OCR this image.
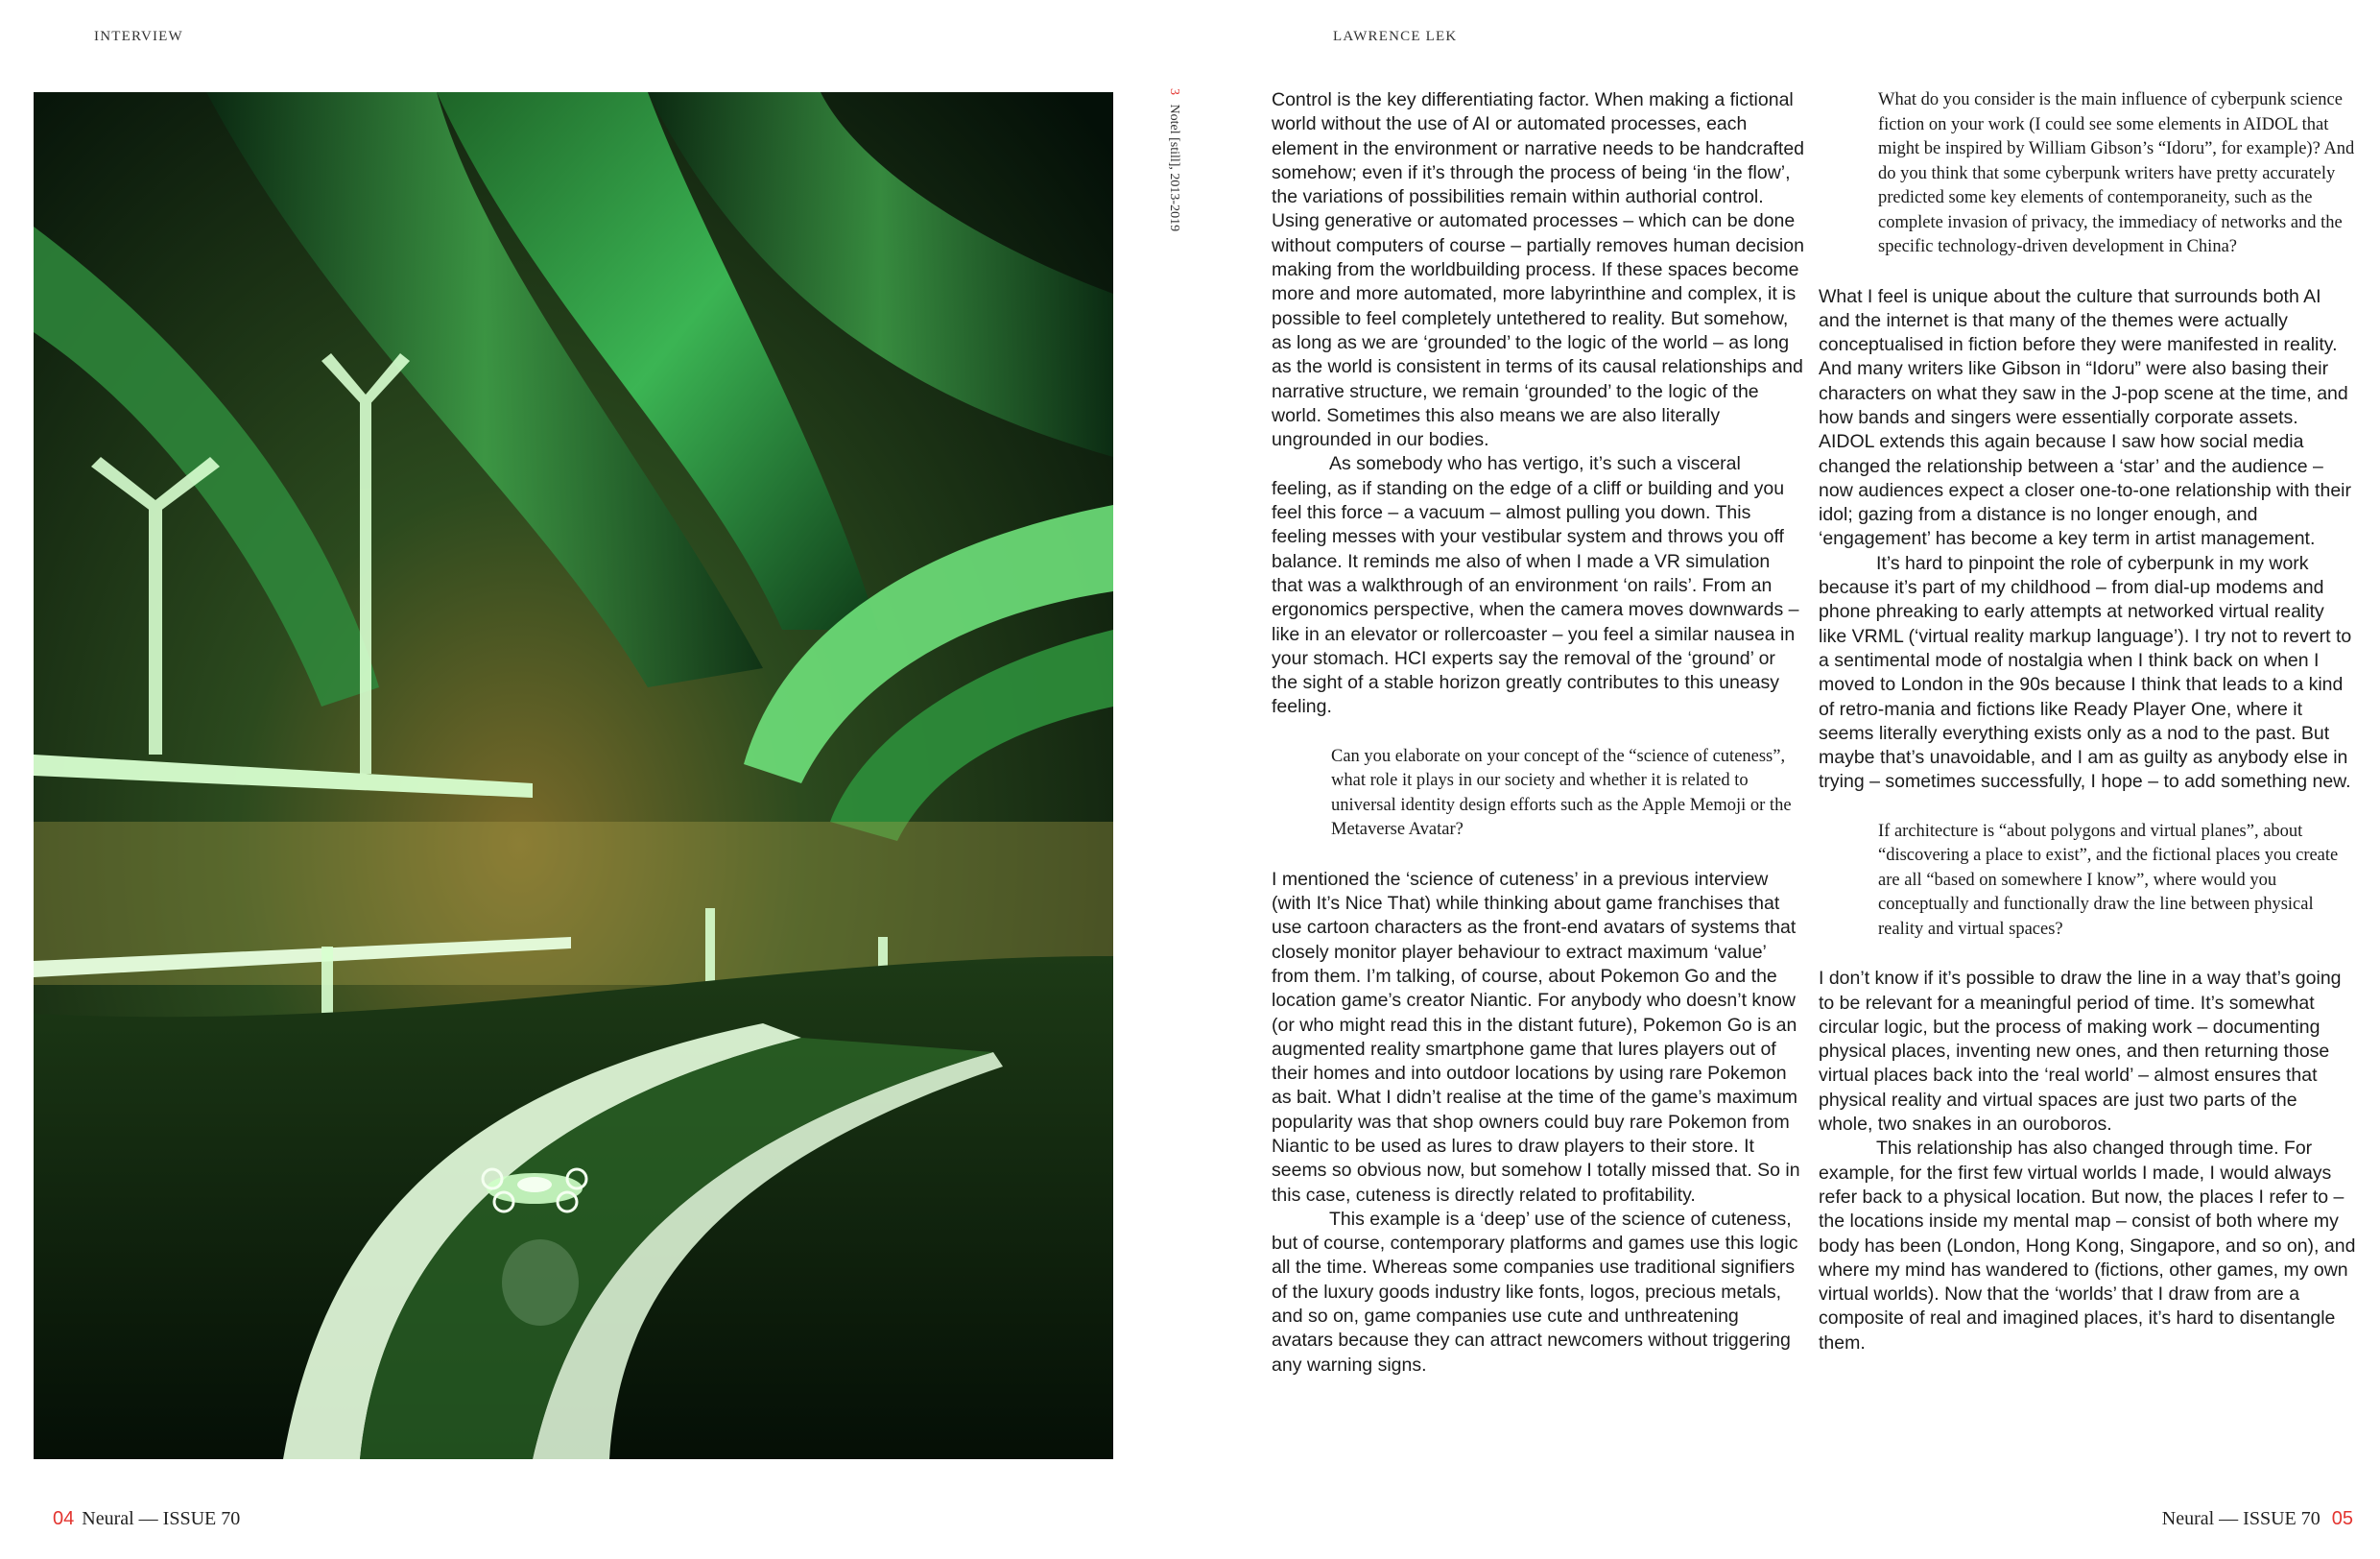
INTERVIEW	LAWRENCE LEK
3 Notel [still], 2013-2019

Control is the key differentiating factor. When making a fictional world without the use of AI or automated processes, each element in the environment or narrative needs to be handcrafted somehow; even if it’s through the process of being ‘in the flow’, the variations of possibilities remain within authorial control. Using generative or automated processes – which can be done without computers of course – partially removes human decision making from the worldbuilding process. If these spaces become more and more automated, more labyrinthine and complex, it is possible to feel completely untethered to reality. But somehow, as long as we are ‘grounded’ to the logic of the world – as long as the world is consistent in terms of its causal relationships and narrative structure, we remain ‘grounded’ to the logic of the world. Sometimes this also means we are also literally ungrounded in our bodies.

As somebody who has vertigo, it’s such a visceral feeling, as if standing on the edge of a cliff or building and you feel this force – a vacuum – almost pulling you down. This feeling messes with your vestibular system and throws you off balance. It reminds me also of when I made a VR simulation that was a walkthrough of an environment ‘on rails’. From an ergonomics perspective, when the camera moves downwards – like in an elevator or rollercoaster – you feel a similar nausea in your stomach. HCI experts say the removal of the ‘ground’ or the sight of a stable horizon greatly contributes to this uneasy feeling.

Can you elaborate on your concept of the “science of cuteness”, what role it plays in our society and whether it is related to universal identity design efforts such as the Apple Memoji or the Metaverse Avatar?

I mentioned the ‘science of cuteness’ in a previous interview (with It’s Nice That) while thinking about game franchises that use cartoon characters as the front-end avatars of systems that closely monitor player behaviour to extract maximum ‘value’ from them. I’m talking, of course, about Pokemon Go and the location game’s creator Niantic. For anybody who doesn’t know (or who might read this in the distant future), Pokemon Go is an augmented reality smartphone game that lures players out of their homes and into outdoor locations by using rare Pokemon as bait. What I didn’t realise at the time of the game’s maximum popularity was that shop owners could buy rare Pokemon from Niantic to be used as lures to draw players to their store. It seems so obvious now, but somehow I totally missed that. So in this case, cuteness is directly related to profitability.

This example is a ‘deep’ use of the science of cuteness, but of course, contemporary platforms and games use this logic all the time. Whereas some companies use traditional signifiers of the luxury goods industry like fonts, logos, precious metals, and so on, game companies use cute and unthreatening avatars because they can attract newcomers without triggering any warning signs.

What do you consider is the main influence of cyberpunk science fiction on your work (I could see some elements in AIDOL that might be inspired by William Gibson’s “Idoru”, for example)? And do you think that some cyberpunk writers have pretty accurately predicted some key elements of contemporaneity, such as the complete invasion of privacy, the immediacy of networks and the specific technology-driven development in China?

What I feel is unique about the culture that surrounds both AI and the internet is that many of the themes were actually conceptualised in fiction before they were manifested in reality. And many writers like Gibson in “Idoru” were also basing their characters on what they saw in the J-pop scene at the time, and how bands and singers were essentially corporate assets. AIDOL extends this again because I saw how social media changed the relationship between a ‘star’ and the audience – now audiences expect a closer one-to-one relationship with their idol; gazing from a distance is no longer enough, and ‘engagement’ has become a key term in artist management.

It’s hard to pinpoint the role of cyberpunk in my work because it’s part of my childhood – from dial-up modems and phone phreaking to early attempts at networked virtual reality like VRML (‘virtual reality markup language’). I try not to revert to a sentimental mode of nostalgia when I think back on when I moved to London in the 90s because I think that leads to a kind of retro-mania and fictions like Ready Player One, where it seems literally everything exists only as a nod to the past. But maybe that’s unavoidable, and I am as guilty as anybody else in trying – sometimes successfully, I hope – to add something new.

If architecture is “about polygons and virtual planes”, about “discovering a place to exist”, and the fictional places you create are all “based on somewhere I know”, where would you conceptually and functionally draw the line between physical reality and virtual spaces?

I don’t know if it’s possible to draw the line in a way that’s going to be relevant for a meaningful period of time. It’s somewhat circular logic, but the process of making work – documenting physical places, inventing new ones, and then returning those virtual places back into the ‘real world’ – almost ensures that physical reality and virtual spaces are just two parts of the whole, two snakes in an ouroboros.

This relationship has also changed through time. For example, for the first few virtual worlds I made, I would always refer back to a physical location. But now, the places I refer to – the locations inside my mental map – consist of both where my body has been (London, Hong Kong, Singapore, and so on), and where my mind has wandered to (fictions, other games, my own virtual worlds). Now that the ‘worlds’ that I draw from are a composite of real and imagined places, it’s hard to disentangle them.

04 Neural — ISSUE 70	Neural — ISSUE 70 05
